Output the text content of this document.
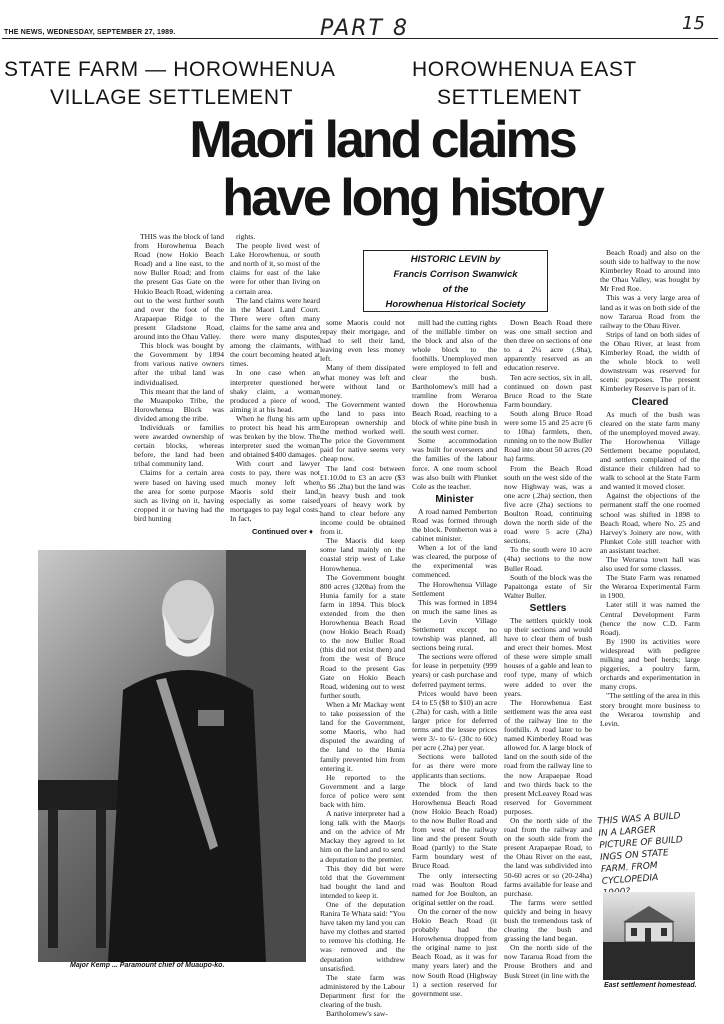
THE NEWS, WEDNESDAY, SEPTEMBER 27, 1989.	PART 8	15
STATE FARM — HOROWHENUA
VILLAGE SETTLEMENT
HOROWHENUA EAST
SETTLEMENT
Maori land claims
have long history

THIS was the block of land from Horowhenua Beach Road (now Hokio Beach Road) and a line east, to the now Buller Road; and from the present Gas Gate on the Hokio Beach Road, widening out to the west further south and over the foot of the Arapaepae Ridge to the present Gladstone Road, around into the Ohau Valley.

This block was bought by the Government by 1894 from various native owners after the tribal land was individualised.

This meant that the land of the Muaupoko Tribe, the Horowhenua Block was divided among the tribe.

Individuals or families were awarded ownership of certain blocks, whereas before, the land had been tribal community land.

Claims for a certain area were based on having used the area for some purpose such as living on it, having cropped it or having had the bird hunting

rights.

The people lived west of Lake Horowhenua, or south and north of it, so most of the claims for east of the lake were for other than living on a certain area.

The land claims were heard in the Maori Land Court. There were often many claims for the same area and there were many disputes among the claimants, with the court becoming heated at times.

In one case when an interpreter questioned her shaky claim, a woman produced a piece of wood, aiming it at his head.

When he flung his arm up to protect his head his arm was broken by the blow. The interpreter sued the woman and obtained $400 damages.

With court and lawyer costs to pay, there was not much money left when Maoris sold their land, especially as some raised mortgages to pay legal costs. In fact,

Continued over ♦
HISTORIC LEVIN by
Francis Corrison Swanwick
of the
Horowhenua Historical Society
Major Kemp ... Paramount chief of Muaupo-ko.

some Maoris could not repay their mortgage, and had to sell their land, leaving even less money left.

Many of them dissipated what money was left and were without land or money.

The Government wanted the land to pass into European ownership and the method worked well. The price the Government paid for native seems very cheap now.

The land cost between £1.10.0d to £3 an acre ($3 to $6 .2ha) but the land was in heavy bush and took years of heavy work by hand to clear before any income could be obtained from it.

The Maoris did keep some land mainly on the coastal strip west of Lake Horowhenua.

The Government bought 800 acres (320ha) from the Hunia family for a state farm in 1894. This block extended from the then Horowhenua Beach Road (now Hokio Beach Road) to the now Buller Road (this did not exist then) and from the west of Bruce Road to the present Gas Gate on Hokio Beach Road, widening out to west further south.

When a Mr Mackay went to take possession of the land for the Government, some Maoris, who had disputed the awarding of the land to the Hunia family prevented him from entering it.

He reported to the Government and a large force of police were sent back with him.

A native interpreter had a long talk with the Maorjs and on the advice of Mr Mackay they agreed to let him on the land and to send a deputation to the premier.

This they did but were told that the Government had bought the land and intended to keep it.

One of the deputation Ranira Te Whata said: "You have taken my land you can have my clothes and started to remove his clothing. He was removed and the deputation withdrew unsatisfied.

The state farm was administered by the Labour Department first for the clearing of the bush.

Bartholomew's saw-

mill had the cutting rights of the millable timber on the block and also of the whole block to the foothills. Unemployed men were employed to fell and clear the bush. Bartholomew's mill had a tramline from Weraroa down the Horowhenua Beach Road, reaching to a block of white pine bush in the south west corner.

Some accommodation was built for overseers and the families of the labour force. A one room school was also built with Plunket Cole as the teacher.

Minister

A road named Pemberton Road was formed through the block. Pemberton was a cabinet minister.

When a lot of the land was cleared, the purpose of the experimental was commenced.

The Horowhenua Village Settlement

This was formed in 1894 on much the same lines as the Levin Village Settlement except no township was planned, all sections being rural.

The sections were offered for lease in perpetuity (999 years) or cash purchase and deferred payment terms.

Prices would have been £4 to £5 ($8 to $10) an acre (.2ha) for cash, with a little larger price for deferred terms and the lessee prices were 3/- to 6/- (30c to 60c) per acre (.2ha) per year.

Sections were balloted for as there were more applicants than sections.

The block of land extended from the then Horowhenua Beach Road (now Hokio Beach Road) to the now Buller Road and from west of the railway line and the present South Road (partly) to the State Farm boundary west of Bruce Road.

The only intersecting road was Boulton Road named for Joe Boulton, an original settler on the road.

On the corner of the now Hokio Beach Road (it probably had the Horowhenua dropped from the original name to just Beach Road, as it was for many years later) and the now South Road (Highway 1) a section reserved for government use.

Down Beach Road there was one small section and then three on sections of one to a 2¼ acre (.9ha), apparently reserved as an education reserve.

Ten acre sectios, six in all, continued on down past Bruce Road to the State Farm boundary.

South along Bruce Road were some 15 and 25 acre (6 to 10ha) farmlets, then, running on to the now Buller Road into about 50 acres (20 ha) farms.

From the Beach Road south on the west side of the now Highway was, was a one acre (.2ha) section, then five acre (2ha) sections to Boulton Road, continuing down the north side of the road were 5 acre (2ha) sections.

To the south were 10 acre (4ha) sections to the now Buller Road.

South of the block was the Papaitonga estate of Sir Walter Buller.

Settlers

The settlers quickly took up their sections and would have to clear them of bush and erect their homes. Most of these were simple small houses of a gable and lean to roof type, many of which were added to over the years.

The Horowhenua East settlement was the area east of the railway line to the foothills. A road later to be named Kimberley Road was allowed for. A large block of land on the south side of the road from the railway line to the now Arapaepae Road and two thirds back to the present McLeavey Road was reserved for Government purposes.

On the north side of the road from the railway and on the south side from the present Arapaepae Road, to the Ohau River on the east, the land was subdivided into 50-60 acres or so (20-24ha) farms available for lease and purchase.

The farms were settled quickly and being in heavy bush the tremendous task of clearing the bush and grassing the land began.

On the north side of the now Tararua Road from the Prouse Brothers and and Busk Street (in line with the

Beach Road) and also on the south side to halfway to the now Kimberley Road to around into the Ohau Valley, was bought by Mr Fred Roe.

This was a very large area of land as it was on both side of the now Tararua Road from the railway to the Ohau River.

Strips of land on both sides of the Ohau River, at least from Kimberley Road, the width of the whole block to well downstream was reserved for scenic purposes. The present Kimberley Reserve is part of it.

Cleared

As much of the bush was cleared on the state farm many of the unemployed moved away. The Horowhenua Village Settlement became populated, and settlers complained of the distance their children had to walk to school at the State Farm and wanted it moved closer.

Against the objections of the permanent staff the one roomed school was shifted in 1898 to Beach Road, where No. 25 and Harvey's Joinery are now, with Plunket Cole still teacher with an assistant teacher.

The Weraroa town hall was also used for some classes.

The State Farm was renamed the Weraroa Experimental Farm in 1900.

Later still it was named the Central Development Farm (hence the now C.D. Farm Road).

By 1900 its activities were widespread with pedigree milking and beef herds; large piggeries, a poultry farm, orchards and experimentation in many crops.

"The settling of the area in this story brought more business to the Weraroa township and Levin.

THIS WAS A BUILD
IN A LARGER
PICTURE OF BUILD
INGS ON STATE
FARM. FROM
CYCLOPEDIA
East settlement homestead.
